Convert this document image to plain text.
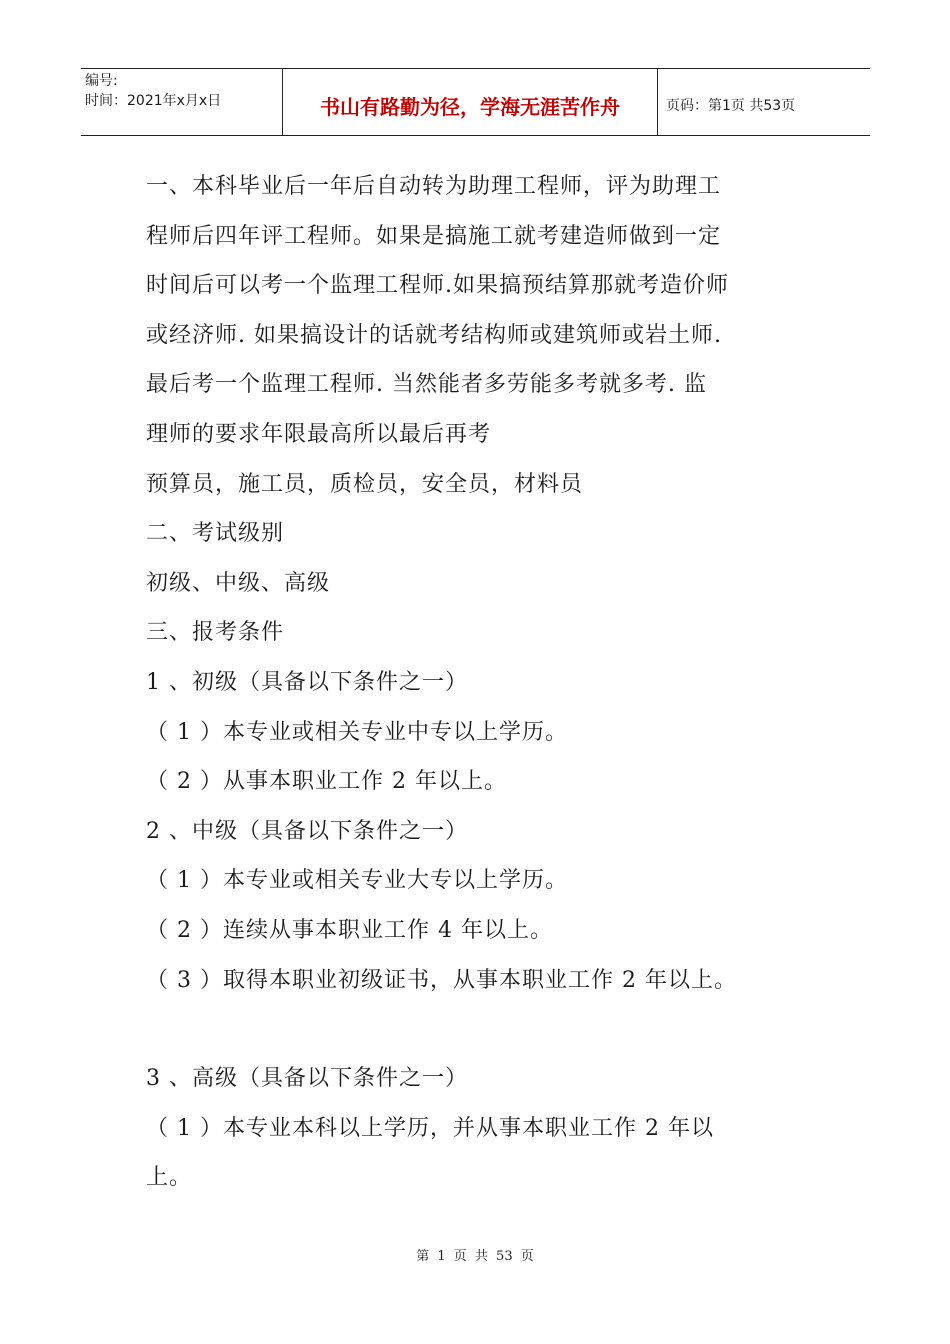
编号:
时间：2021年x月x日	书山有路勤为径，学海无涯苦作舟	页码：第1页 共53页
一、本科毕业后一年后自动转为助理工程师，评为助理工
程师后四年评工程师。如果是搞施工就考建造师做到一定
时间后可以考一个监理工程师.如果搞预结算那就考造价师
或经济师. 如果搞设计的话就考结构师或建筑师或岩土师.
最后考一个监理工程师. 当然能者多劳能多考就多考. 监
理师的要求年限最高所以最后再考
预算员，施工员，质检员，安全员，材料员
二、考试级别
初级、中级、高级
三、报考条件
1 、初级（具备以下条件之一）
（ 1 ）本专业或相关专业中专以上学历。
（ 2 ）从事本职业工作 2 年以上。
2 、中级（具备以下条件之一）
（ 1 ）本专业或相关专业大专以上学历。
（ 2 ）连续从事本职业工作 4 年以上。
（ 3 ）取得本职业初级证书，从事本职业工作 2 年以上。
3 、高级（具备以下条件之一）
（ 1 ）本专业本科以上学历，并从事本职业工作 2 年以
上。
第 1 页 共 53 页
